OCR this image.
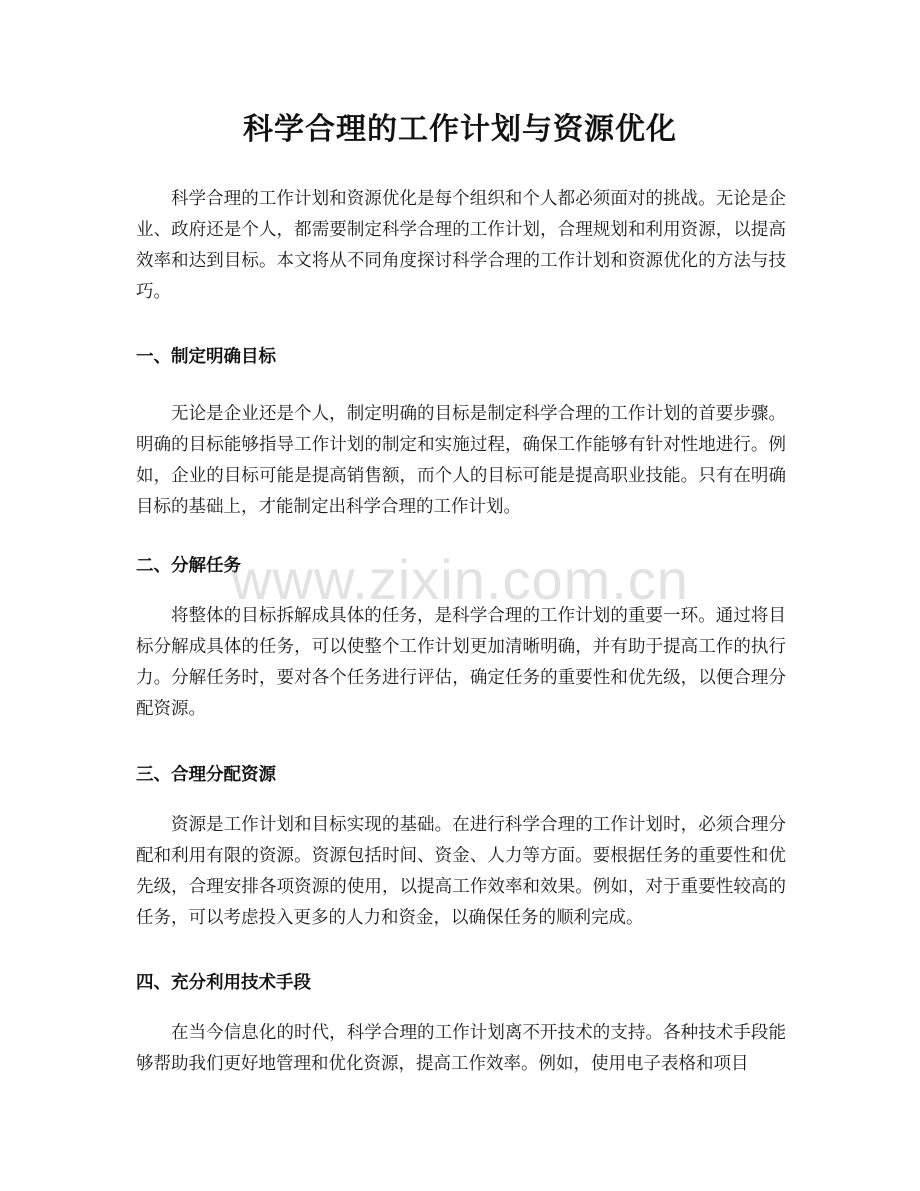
科学合理的工作计划与资源优化
科学合理的工作计划和资源优化是每个组织和个人都必须面对的挑战。无论是企业、政府还是个人，都需要制定科学合理的工作计划，合理规划和利用资源，以提高效率和达到目标。本文将从不同角度探讨科学合理的工作计划和资源优化的方法与技巧。
一、制定明确目标
无论是企业还是个人，制定明确的目标是制定科学合理的工作计划的首要步骤。明确的目标能够指导工作计划的制定和实施过程，确保工作能够有针对性地进行。例如，企业的目标可能是提高销售额，而个人的目标可能是提高职业技能。只有在明确目标的基础上，才能制定出科学合理的工作计划。
二、分解任务
将整体的目标拆解成具体的任务，是科学合理的工作计划的重要一环。通过将目标分解成具体的任务，可以使整个工作计划更加清晰明确，并有助于提高工作的执行力。分解任务时，要对各个任务进行评估，确定任务的重要性和优先级，以便合理分配资源。
三、合理分配资源
资源是工作计划和目标实现的基础。在进行科学合理的工作计划时，必须合理分配和利用有限的资源。资源包括时间、资金、人力等方面。要根据任务的重要性和优先级，合理安排各项资源的使用，以提高工作效率和效果。例如，对于重要性较高的任务，可以考虑投入更多的人力和资金，以确保任务的顺利完成。
四、充分利用技术手段
在当今信息化的时代，科学合理的工作计划离不开技术的支持。各种技术手段能够帮助我们更好地管理和优化资源，提高工作效率。例如，使用电子表格和项目
www.zixin.com.cn
